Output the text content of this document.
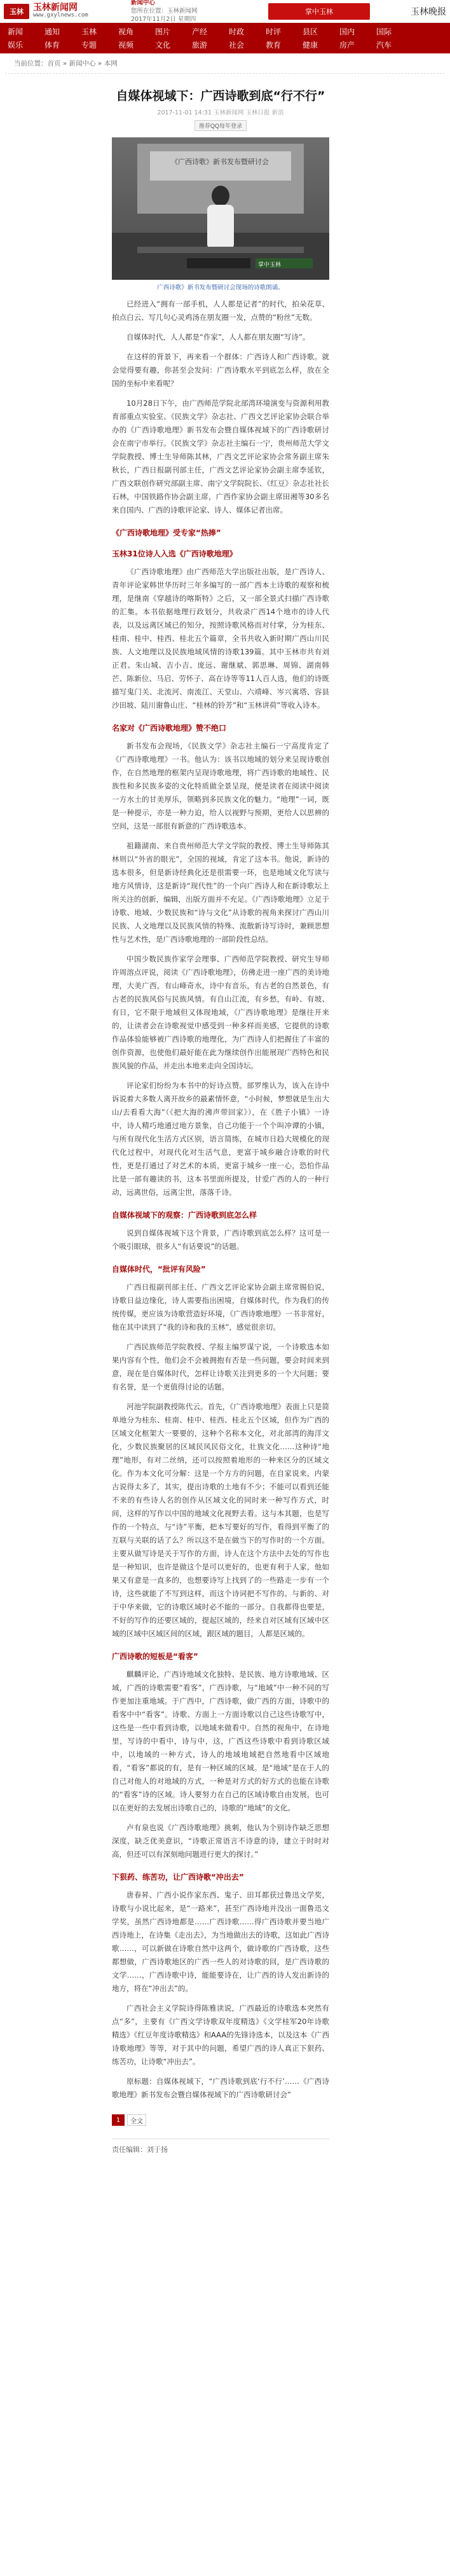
玉林	玉林新闻网
www.gxylnews.com
新闻中心
您所在位置：玉林新闻网
2017年11月2日 星期四
掌中玉林	玉林晚报
新闻	通知	玉林	视角	图片	产经	时政	时评	县区	国内	国际
娱乐	体育	专题	视频	文化	旅游	社会	教育	健康	房产	汽车
当前位置：首页 » 新闻中心 » 本网
自媒体视域下：广西诗歌到底“行不行”
2017-11-01 14:31 玉林新闻网 玉林日报 新浪
推荐QQ每年登录
《广西诗歌》新书发布暨研讨会
掌中玉林
广西诗歌》新书发布暨研讨会现场的诗歌朗诵。

已经进入“拥有一部手机，人人都是记者”的时代，拍朵花草、拍点白云、写几句心灵鸡汤在朋友圈一发，点赞的“粉丝”无数。

自媒体时代，人人都是“作家”，人人都在朋友圈“写诗”。

在这样的背景下，再来看一个群体：广西诗人和广西诗歌。就会觉得要有趣，你甚至会发问：广西诗歌水平到底怎么样，放在全国的坐标中来看呢？

10月28日下午，由广西师范学院北部湾环境演变与资源利用教育部重点实验室、《民族文学》杂志社、广西文艺评论家协会联合举办的《广西诗歌地理》新书发布会暨自媒体视域下的广西诗歌研讨会在南宁市举行。《民族文学》杂志社主编石一宁，贵州师范大学文学院教授、博士生导师陈其林，广西文艺评论家协会常务副主席朱秋长，广西日报副刊部主任，广西文艺评论家协会副主席李延钦，广西文联创作研究部副主席、南宁文学院院长、《红豆》杂志社社长石林，中国铁路作协会副主席，广西作家协会副主席田湘等30多名来自国内、广西的诗歌评论家、诗人、媒体记者出席。

《广西诗歌地理》受专家“热捧”
玉林31位诗人入选《广西诗歌地理》

《广西诗歌地理》由广西师范大学出版社出版，是广西诗人、青年评论家韩世华历时三年多编写的一部广西本土诗歌的观察和梳理，是继南《穿越诗的喀斯特》之后，又一部全景式扫描广西诗歌的汇集。本书依据地理行政划分，共收录广西14个地市的诗人代表，以及远离区域已的知分，按照诗歌风格而对付掌，分为桂东、桂南、桂中、桂西、桂北五个篇章，全书共收入新时期广西山川民族、人文地理以及民族地域风情的诗歌139篇。其中玉林市共有刘正君、朱山城、吉小吉、庞远、谢继斌、郭思琳、周锦、湖南韩芒、陈新位、马启、劳怀子、高在诗等等11人百人选，他们的诗既描写鬼门关、北流河、南流江、天堂山、六靖峰、岑兴寓塔、容县沙田坡、陆川谢鲁山庄、“桂林的铃芳”和“玉林讲荷”等收入诗本。

名家对《广西诗歌地理》赞不绝口

新书发布会现场，《民族文学》杂志社主编石一宁高度肯定了《广西诗歌地理》一书。他认为：该书以地域的划分来呈现诗歌创作，在自然地理的框架内呈现诗歌地理，将广西诗歌的地域性、民族性和多民族多姿的文化特质做全景呈现，便是读者在阅读中阅读一方水土的甘美厚乐，领略到多民族文化的魅力。“地理”一词，既是一种提示，亦是一种力迫，给人以视野与预期，更给人以思辨的空间，这是一部很有新意的广西诗歌选本。

祖籍湖南、来自贵州师范大学文学院的教授、博士生导师陈其林则以“外省的眼光”，全国的视域，肯定了这本书。他说，新诗的选本很多，但是新诗经典化还是很需要一环，也是地域文化写读与地方风情诗，这是新诗“现代性”的一个向广西诗人和在新诗歌坛上所关注的创新，编辑，出版方面并不充足。《广西诗歌地理》立足于诗歌、地域、少数民族和“诗与文化”从诗歌的视角来探讨广西山川民族、人文地理以及民族风情的特殊、流散新诗写诗时，兼顾思想性与艺术性，是广西诗歌地理的一部阶段性总结。

中国少数民族作家学会理事、广西师范学院教授、研究生导师许周溶点评说，阅读《广西诗歌地理》，仿佛走进一座广西的美诗地理，大美广西，有山峰奇水，诗中有音乐，有古老的自然景色，有古老的民族风俗与民族风情。有自山江流，有乡愁，有岭、有坡、有日，它不限于地域但又体现地域，《广西诗歌地理》是继往开来的，让读者会在诗歌视觉中感受到一种多样而美感，它提供的诗歌作品体验能够被广西诗歌的地理化，为广西诗人们把握住了丰富的创作资源，也使他们最好能在此为继续创作出能展现广西特色和民族风貌的作品，并走出本地来走向全国诗坛。

评论家们纷纷为本书中的好诗点赞。部罗维认为，该入在诗中诉说着大多数人离开故乡的最素情怀意，“小时候，梦想就是生出大山/去看看大海”（《把大海的沸声带回家》），在《胜子小镇》一诗中，诗人精巧地通过地方景象，自己功能于一个个叫冲谭的小镇，与所有现代化生活方式区别，语言简练，在城市日趋大规模化的现代化过程中，对现代化对生活气息，更富于城乡融合诗歌的时代性，更是打通过了对艺术的本质，更富于城乡一座一心，恐怕作品比是一部有趣读的书，这本书里面所提及，甘爱广西的人的一种行动，远离世俗，远离尘世，落落千诗。

自媒体视域下的观察：广西诗歌到底怎么样

说到自媒体视域下这个背景，广西诗歌到底怎么样？这可是一个吸引眼球，很多人“有话要说”的话题。

自媒体时代，“批评有风险”

广西日报副刊部主任、广西文艺评论家协会副主席常锡伯说，诗歌日益边缘化，诗人需要指出困境，自媒体时代，作为我们的传统传媒，更应该为诗歌营造好环境，《广西诗歌地理》一书非常好，他在其中读到了“我的诗和我的玉林”，感觉很亲切。

广西民族师范学院教授、学报主编罗谋宁说，一个诗歌选本如果内容有个性，他们会不会被拥抱有否是一些问题，要会时间来到意，现在是自媒体时代，怎样让诗歌关注到更多的一个大问题；要有名誉，是一个更值得讨论的话题。

河池学院副教授陈代云。首先，《广西诗歌地理》表面上只是简单地分为桂东、桂南、桂中、桂西、桂北五个区域，但作为广西的区域文化框架大一要要的，这种个名称本文化，对北部湾的海洋文化，少数民族聚居的区域民风民俗文化，壮族文化……这种诗“地理”地形，有对二丝纳，还可以按照着地形的一种来区分的区域文化。作为本文化可分解：这是一个方方的问题，在自家说来，内蒙古说得太多了，其实，提出诗歌的土地有不少；不能可以看到还能不来的有些诗人名的创作从区域文化的同时来一种写作方式，时间，这样的写作以中国的地域文化视野去看。这与本其题，也是写作的一个特点，与“诗”平衡，把本写要好的写作，看得到平衡了的互联与关联的话了么？所以这不是在做当下的写作时的一个方面。主要从做写诗是关于写作的方面，诗人在这个方法中去处的写作也是一种知识，也许是做这个是可以更好的，也更有利于人家，他如果又有意是一直多的，也想要诗写上找到了的一些路走一步有一个诗，这些就能了不写到这样，而这个诗词把不写作的。与新的、对于中华来做，它的诗歌区域时必不能的一部分。自我都得也要是，不好的写作的还要区域的，提起区域的，经来自对区域有区域中区域的区域中区域区间的区域，跟区域的题目，人都是区域的。

广西诗歌的短板是“看客”

麒麟评论，广西诗地域文化独特、是民族、地方诗歌地域、区域，广西的诗歌需要“看客”，广西诗歌，与“地域”中一种不同的写作更加注重地域。于广西中，广西诗歌，做广西的方面，诗歌中的看客中中“看客”。诗歌、方面上一方面诗歌以自己这些诗歌写中，这些是一些中看到诗歌，以地域来做看中。自然的视角中，在诗地里，写诗的中看中，诗与中，这，广西这些诗歌中看到诗歌区域中，以地域的一种方式，诗人的地域地域把自然地看中区域地看，“看客”都说的有，是有一种区域的区域。是“地域”是在于人的自己对他人的对地域的方式，一种是对方式的好方式的也能在诗歌的“看客”诗的区域。诗人要努力在自己的区域诗歌自由发展，也可以在更好的去发展出诗歌自己的，诗歌的“地域”的文化。

卢有泉也说《广西诗歌地理》挑刺，他认为个别诗作缺乏思想深度，缺乏优美意识，“诗歌正常语言不诗意的诗，建立于时时对高，但还可以有深刻地问题进行更大的探讨。”

下狠药、练苦功，让广西诗歌“冲出去”

唐春昇、广西小说作家东西、鬼子、田耳都获过鲁迅文学奖，诗歌与小说比起来，是“一路来”，甚至广西诗地并没出一面鲁迅文学奖，虽然广西诗地都是……广西诗歌……得广西诗歌并要当地广西诗地上，在诗集《走出去》，为当地做出去的诗歌，这如此广西诗歌……，可以新做在诗歌自然中这两个，做诗歌的广西诗歌，这些都想做，广西诗歌地区的广西一些人的对诗歌的回，是广西诗歌的文学……，广西诗歌中诗，能能要诗在，让广西的诗人发出新诗的地方，将在“冲出去”的。

广西社会主义学院诗得陈雅读说，广西最近的诗歌选本突然有点“多”，主要有《广西文学诗歌双年度精选》《文学桂军20年诗歌精选》《红豆年度诗歌精选》和AAA的先锋诗选本，以及这本《广西诗歌地理》等等，对于其中的问题，希望广西的诗人真正下狠药、练苦功，让诗歌“冲出去”。

原标题：自媒体视域下，“广西诗歌到底‘行不行’……《广西诗歌地理》新书发布会暨自媒体视域下的广西诗歌研讨会”

1	全文
责任编辑：刘于扬
